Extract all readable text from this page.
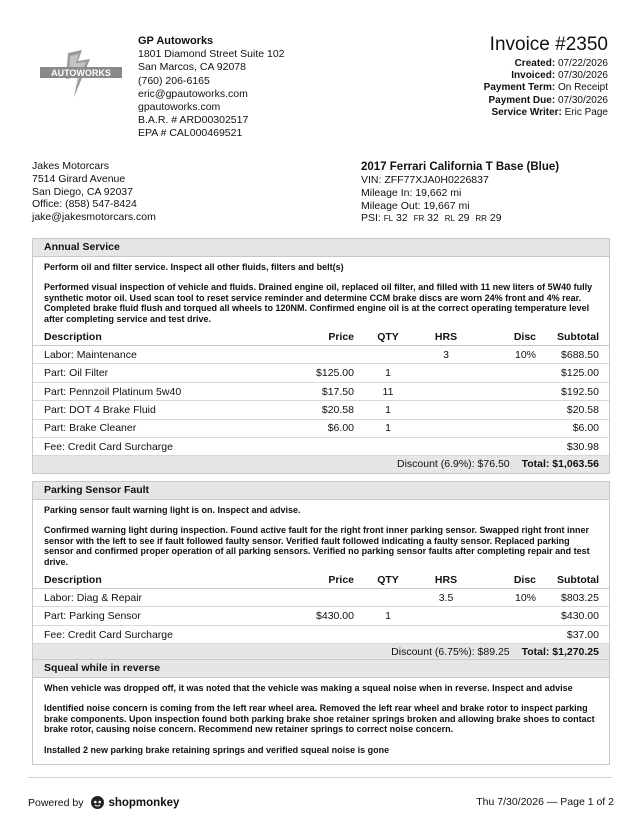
AUTOWORKS
GP Autoworks
1801 Diamond Street Suite 102
San Marcos, CA 92078
(760) 206-6165
eric@gpautoworks.com
gpautoworks.com
B.A.R. # ARD00302517
EPA # CAL000469521
Invoice #2350
Created: 07/22/2026
Invoiced: 07/30/2026
Payment Term: On Receipt
Payment Due: 07/30/2026
Service Writer: Eric Page
Jakes Motorcars
7514 Girard Avenue
San Diego, CA 92037
Office: (858) 547-8424
jake@jakesmotorcars.com
2017 Ferrari California T Base (Blue)
VIN: ZFF77XJA0H0226837
Mileage In: 19,662 mi
Mileage Out: 19,667 mi
PSI: FL 32 FR 32 RL 29 RR 29
Annual Service

Perform oil and filter service. Inspect all other fluids, filters and belt(s)

Performed visual inspection of vehicle and fluids. Drained engine oil, replaced oil filter, and filled with 11 new liters of 5W40 fully synthetic motor oil. Used scan tool to reset service reminder and determine CCM brake discs are worn 24% front and 4% rear. Completed brake fluid flush and torqued all wheels to 120NM. Confirmed engine oil is at the correct operating temperature level after completing service and test drive.

Description	Price	QTY	HRS	Disc	Subtotal
Labor: Maintenance			3	10%	$688.50
Part: Oil Filter	$125.00	1			$125.00
Part: Pennzoil Platinum 5w40	$17.50	11			$192.50
Part: DOT 4 Brake Fluid	$20.58	1			$20.58
Part: Brake Cleaner	$6.00	1			$6.00
Fee: Credit Card Surcharge					$30.98
Discount (6.9%): $76.50 Total: $1,063.56
Parking Sensor Fault

Parking sensor fault warning light is on. Inspect and advise.

Confirmed warning light during inspection. Found active fault for the right front inner parking sensor. Swapped right front inner sensor with the left to see if fault followed faulty sensor. Verified fault followed indicating a faulty sensor. Replaced parking sensor and confirmed proper operation of all parking sensors. Verified no parking sensor faults after completing repair and test drive.

Description	Price	QTY	HRS	Disc	Subtotal
Labor: Diag & Repair			3.5	10%	$803.25
Part: Parking Sensor	$430.00	1			$430.00
Fee: Credit Card Surcharge					$37.00
Discount (6.75%): $89.25 Total: $1,270.25
Squeal while in reverse

When vehicle was dropped off, it was noted that the vehicle was making a squeal noise when in reverse. Inspect and advise

Identified noise concern is coming from the left rear wheel area. Removed the left rear wheel and brake rotor to inspect parking brake components. Upon inspection found both parking brake shoe retainer springs broken and allowing brake shoes to contact brake rotor, causing noise concern. Recommend new retainer springs to correct noise concern.

Installed 2 new parking brake retaining springs and verified squeal noise is gone

Powered by shopmonkey	Thu 7/30/2026 — Page 1 of 2
